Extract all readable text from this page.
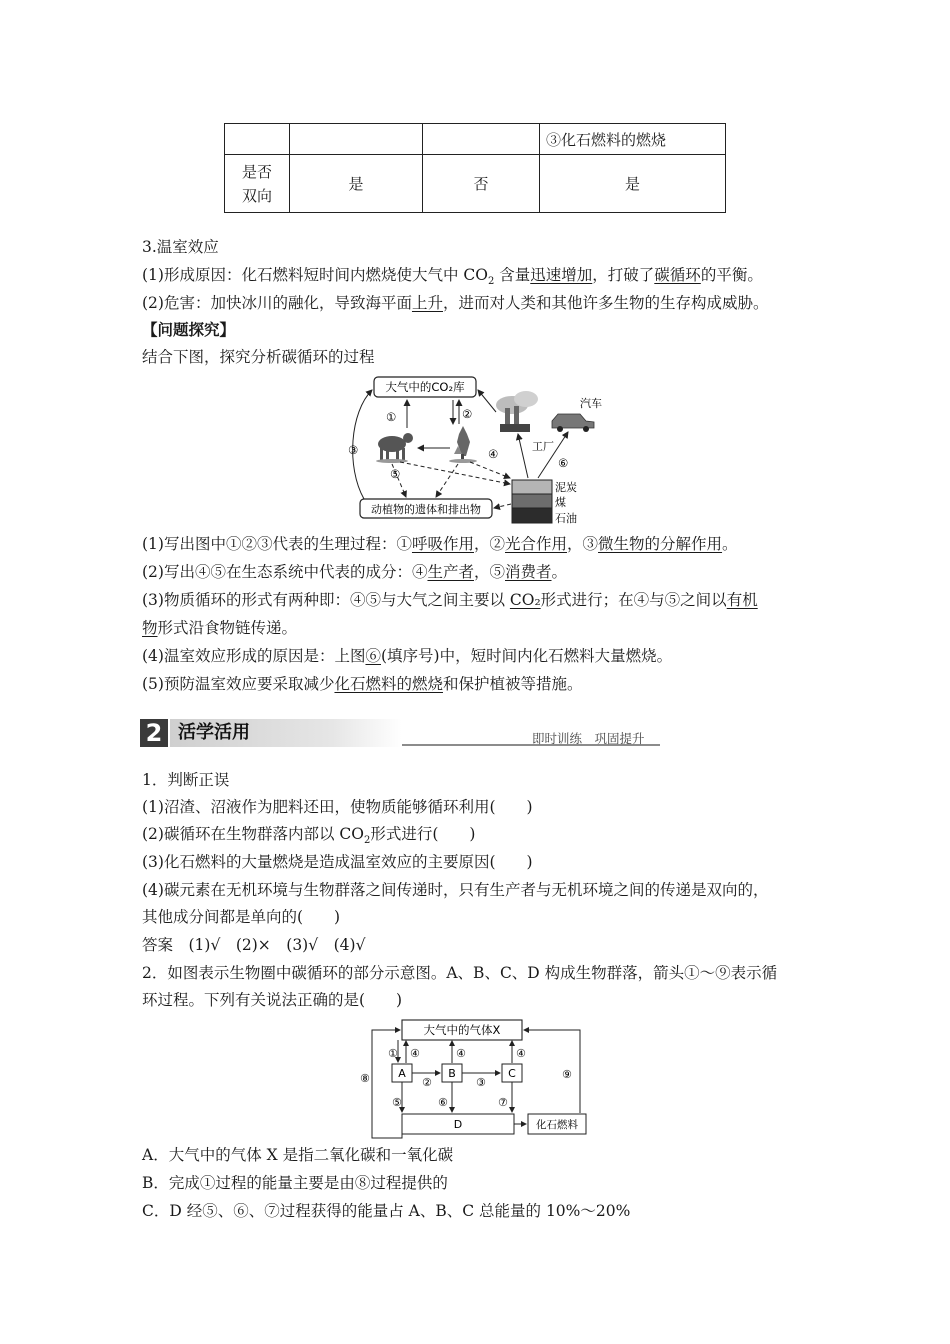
			③化石燃料的燃烧
是否
双向	是	否	是
3.温室效应
(1)形成原因：化石燃料短时间内燃烧使大气中 $CO_2$ 含量迅速增加，打破了碳循环的平衡。
(2)危害：加快冰川的融化，导致海平面上升，进而对人类和其他许多生物的生存构成威胁。
【问题探究】
结合下图，探究分析碳循环的过程
大气中的CO₂库
动植物的遗体和排出物
泥炭
煤
石油
工厂
汽车
①	②
③	④
⑤
⑥
(1)写出图中①②③代表的生理过程：①呼吸作用，②光合作用，③微生物的分解作用。
(2)写出④⑤在生态系统中代表的成分：④生产者，⑤消费者。
(3)物质循环的形式有两种即：④⑤与大气之间主要以 CO₂形式进行；在④与⑤之间以有机
物形式沿食物链传递。
(4)温室效应形成的原因是：上图⑥(填序号)中，短时间内化石燃料大量燃烧。
(5)预防温室效应要采取减少化石燃料的燃烧和保护植被等措施。
2 活学活用	即时训练　巩固提升
1．判断正误
(1)沼渣、沼液作为肥料还田，使物质能够循环利用(　　)
(2)碳循环在生物群落内部以 $CO_2$形式进行(　　)
(3)化石燃料的大量燃烧是造成温室效应的主要原因(　　)
(4)碳元素在无机环境与生物群落之间传递时，只有生产者与无机环境之间的传递是双向的，
其他成分间都是单向的(　　)
答案　(1)√　(2)×　(3)√　(4)√
2．如图表示生物圈中碳循环的部分示意图。A、B、C、D 构成生物群落，箭头①～⑨表示循
环过程。下列有关说法正确的是(　　)
大气中的气体X
A	B	C
D	化石燃料
① ④	④	④
②	③
⑤	⑥	⑦
⑧	⑨
A．大气中的气体 X 是指二氧化碳和一氧化碳
B．完成①过程的能量主要是由⑧过程提供的
C．D 经⑤、⑥、⑦过程获得的能量占 A、B、C 总能量的 10%～20%
